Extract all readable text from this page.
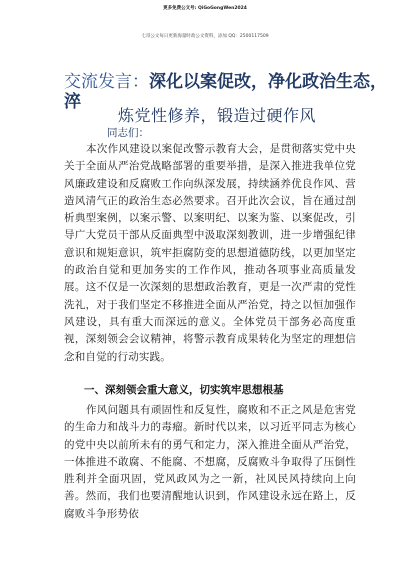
更多免费公文号: QiGoGongWen2024
七哥公文每日更新海量时政公文资料，添加 QQ：2500117509
交流发言：深化以案促改，净化政治生态，
淬
炼党性修养，锻造过硬作风
同志们：

本次作风建设以案促改警示教育大会，是贯彻落实党中央关于全面从严治党战略部署的重要举措，是深入推进我单位党风廉政建设和反腐败工作向纵深发展，持续涵养优良作风、营造风清气正的政治生态必然要求。召开此次会议，旨在通过剖析典型案例，以案示警、以案明纪、以案为鉴、以案促改，引导广大党员干部从反面典型中汲取深刻教训，进一步增强纪律意识和规矩意识，筑牢拒腐防变的思想道德防线，以更加坚定的政治自觉和更加务实的工作作风，推动各项事业高质量发展。这不仅是一次深刻的思想政治教育，更是一次严肃的党性洗礼，对于我们坚定不移推进全面从严治党，持之以恒加强作风建设，具有重大而深远的意义。全体党员干部务必高度重视，深刻领会会议精神，将警示教育成果转化为坚定的理想信念和自觉的行动实践。

一、深刻领会重大意义，切实筑牢思想根基

作风问题具有顽固性和反复性，腐败和不正之风是危害党的生命力和战斗力的毒瘤。新时代以来，以习近平同志为核心的党中央以前所未有的勇气和定力，深入推进全面从严治党，一体推进不敢腐、不能腐、不想腐，反腐败斗争取得了压倒性胜利并全面巩固，党风政风为之一新，社风民风持续向上向善。然而，我们也要清醒地认识到，作风建设永远在路上，反腐败斗争形势依
